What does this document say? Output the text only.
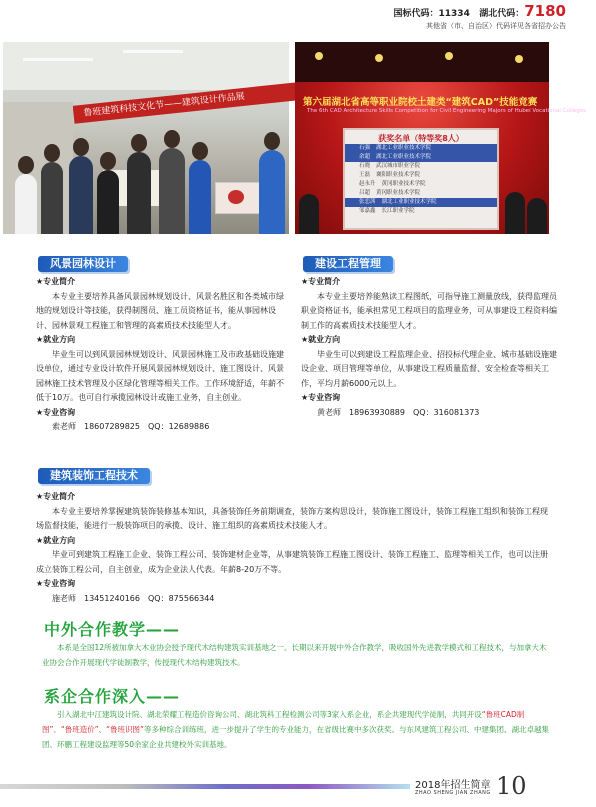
国标代码：11334 湖北代码：7180
其他省（市、自治区）代码详见各省招办公告
鲁班建筑科技文化节——建筑设计作品展	第六届湖北省高等职业院校土建类“建筑CAD”技能竞赛
The 6th CAD Architecture Skills Competition for Civil Engineering Majors of Hubei Vocational Colleges
获奖名单（特等奖8人）
石强 湖北工业职业技术学院
余超 湖北工业职业技术学院
石晓 武汉城市职业学院
王磊 襄阳职业技术学院
赵永升 黄冈职业技术学院
吕超 黄冈职业技术学院
张恋茜 湖北工业职业技术学院
邹嘉鑫 长江职业学院
风景园林设计
★专业简介
本专业主要培养具备风景园林规划设计、风景名胜区和各类城市绿地的规划设计等技能，获得制图员、施工员资格证书，能从事园林设计、园林景观工程施工和管理的高素质技术技能型人才。
★就业方向
毕业生可以到风景园林规划设计、风景园林施工及市政基础设施建设单位，通过专业设计软件开展风景园林规划设计、施工图设计、风景园林施工技术管理及小区绿化管理等相关工作。工作环境舒适，年薪不低于10万。也可自行承揽园林设计或施工业务，自主创业。
★专业咨询
索老师　18607289825　QQ：12689886
建设工程管理
★专业简介
本专业主要培养能熟读工程图纸，可指导施工测量放线，获得监理员职业资格证书，能承担常见工程项目的监理业务，可从事建设工程资料编制工作的高素质技术技能型人才。
★就业方向
毕业生可以到建设工程监理企业、招投标代理企业、城市基础设施建设企业、项目管理等单位，从事建设工程质量监督、安全检查等相关工作，平均月薪6000元以上。
★专业咨询
黄老师　18963930889　QQ：316081373
建筑装饰工程技术
★专业简介
本专业主要培养掌握建筑装饰装修基本知识，具备装饰任务前期调查，装饰方案构思设计，装饰施工图设计，装饰工程施工组织和装饰工程现场监督技能，能进行一般装饰项目的承揽、设计、施工组织的高素质技术技能人才。
★就业方向
毕业可到建筑工程施工企业、装饰工程公司、装饰建材企业等，从事建筑装饰工程施工图设计、装饰工程施工、监理等相关工作，也可以注册成立装饰工程公司，自主创业，成为企业法人代表。年薪8-20万不等。
★专业咨询
施老师　13451240166　QQ：875566344
中外合作教学——
本系是全国12所被加拿大木业协会授予现代木结构建筑实训基地之一。长期以来开展中外合作教学，吸收国外先进教学模式和工程技术，与加拿大木业协会合作开展现代学徒制教学，传授现代木结构建筑技术。
系企合作深入——
引入湖北中江建筑设计院、湖北荣耀工程造价咨询公司、湖北筑科工程检测公司等3家入系企业，系企共建现代学徒制，共同开设“鲁班CAD制图”、“鲁班造价”、“鲁班识图”等多种综合训练班，进一步提升了学生的专业能力，在省级比赛中多次获奖。与东风建筑工程公司、中建集团、湖北卓越集团、环鹏工程建设监理等50余家企业共建校外实训基地。
2018年招生简章
ZHAO SHENG JIAN ZHANG 10
